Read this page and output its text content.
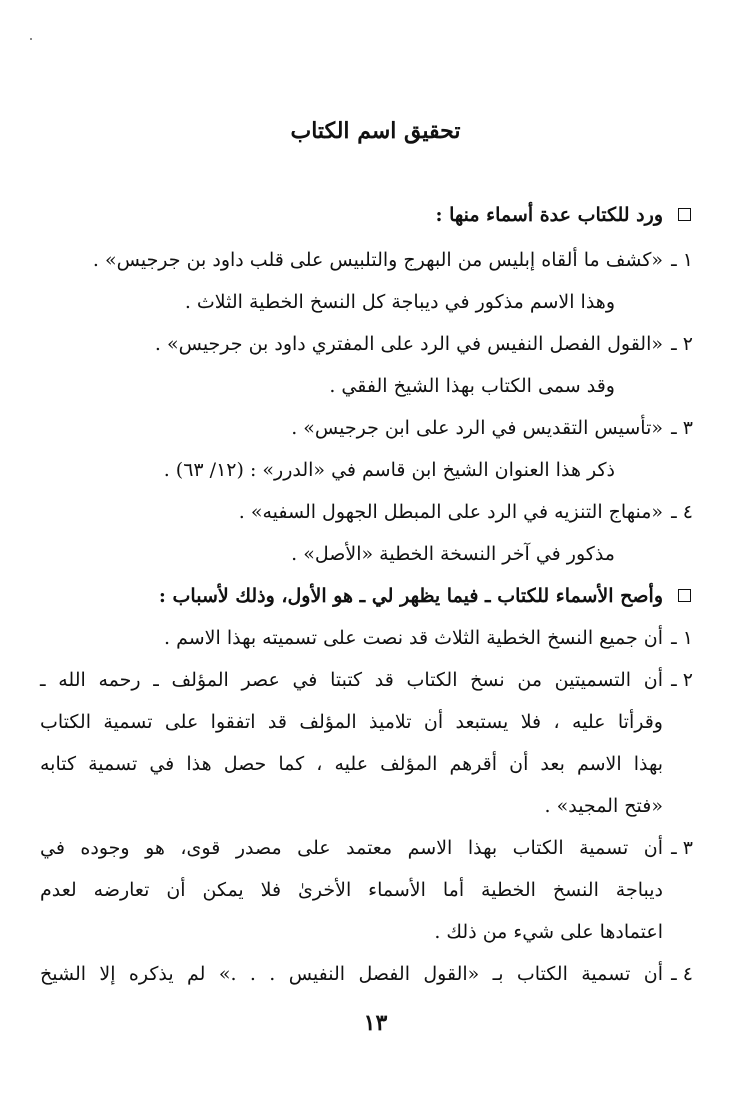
تحقيق اسم الكتاب
ورد للكتاب عدة أسماء منها :
١ ـ
«كشف ما ألقاه إبليس من البهرج والتلبيس على قلب داود بن جرجيس» .
وهذا الاسم مذكور في ديباجة كل النسخ الخطية الثلاث .
٢ ـ
«القول الفصل النفيس في الرد على المفتري داود بن جرجيس» .
وقد سمى الكتاب بهذا الشيخ الفقي .
٣ ـ
«تأسيس التقديس في الرد على ابن جرجيس» .
ذكر هذا العنوان الشيخ ابن قاسم في «الدرر» : (١٢/ ٦٣) .
٤ ـ
«منهاج التنزيه في الرد على المبطل الجهول السفيه» .
مذكور في آخر النسخة الخطية «الأصل» .
وأصح الأسماء للكتاب ـ فيما يظهر لي ـ هو الأول، وذلك لأسباب :
١ ـ
أن جميع النسخ الخطية الثلاث قد نصت على تسميته بهذا الاسم .
٢ ـ
أن التسميتين من نسخ الكتاب قد كتبتا في عصر المؤلف ـ رحمه الله ـ
وقرأتا عليه ، فلا يستبعد أن تلاميذ المؤلف قد اتفقوا على تسمية الكتاب
بهذا الاسم بعد أن أقرهم المؤلف عليه ، كما حصل هذا في تسمية كتابه
«فتح المجيد» .
٣ ـ
أن تسمية الكتاب بهذا الاسم معتمد على مصدر قوى، هو وجوده في
ديباجة النسخ الخطية أما الأسماء الأخرىٰ فلا يمكن أن تعارضه لعدم
اعتمادها على شيء من ذلك .
٤ ـ
أن تسمية الكتاب بـ «القول الفصل النفيس . . .» لم يذكره إلا الشيخ
١٣
